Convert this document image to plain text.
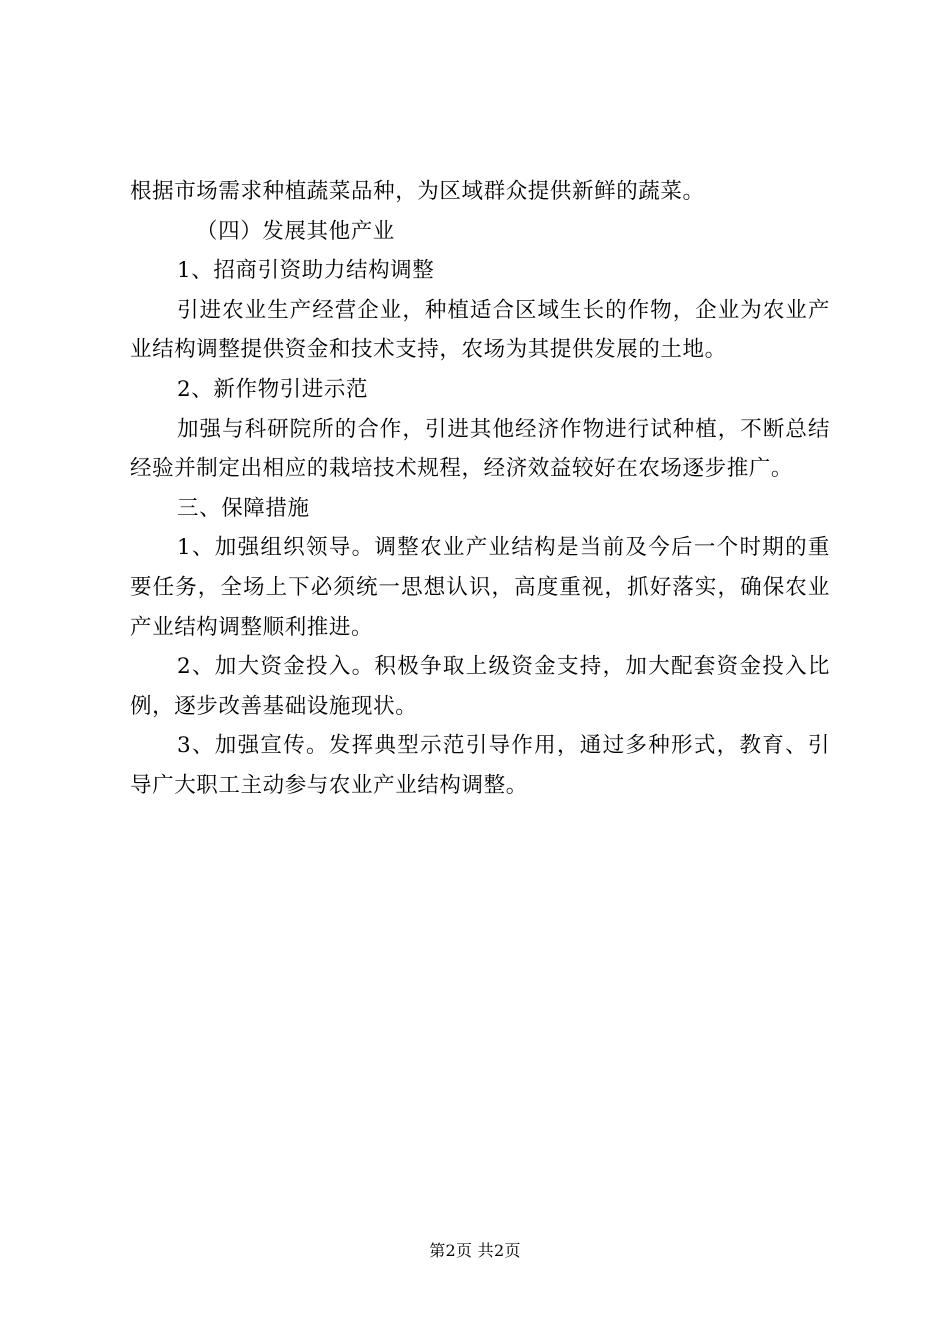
根据市场需求种植蔬菜品种，为区域群众提供新鲜的蔬菜。

（四）发展其他产业

1、招商引资助力结构调整

引进农业生产经营企业，种植适合区域生长的作物，企业为农业产业结构调整提供资金和技术支持，农场为其提供发展的土地。

2、新作物引进示范

加强与科研院所的合作，引进其他经济作物进行试种植，不断总结经验并制定出相应的栽培技术规程，经济效益较好在农场逐步推广。

三、保障措施

1、加强组织领导。调整农业产业结构是当前及今后一个时期的重要任务，全场上下必须统一思想认识，高度重视，抓好落实，确保农业产业结构调整顺利推进。

2、加大资金投入。积极争取上级资金支持，加大配套资金投入比例，逐步改善基础设施现状。

3、加强宣传。发挥典型示范引导作用，通过多种形式，教育、引导广大职工主动参与农业产业结构调整。

第2页 共2页
